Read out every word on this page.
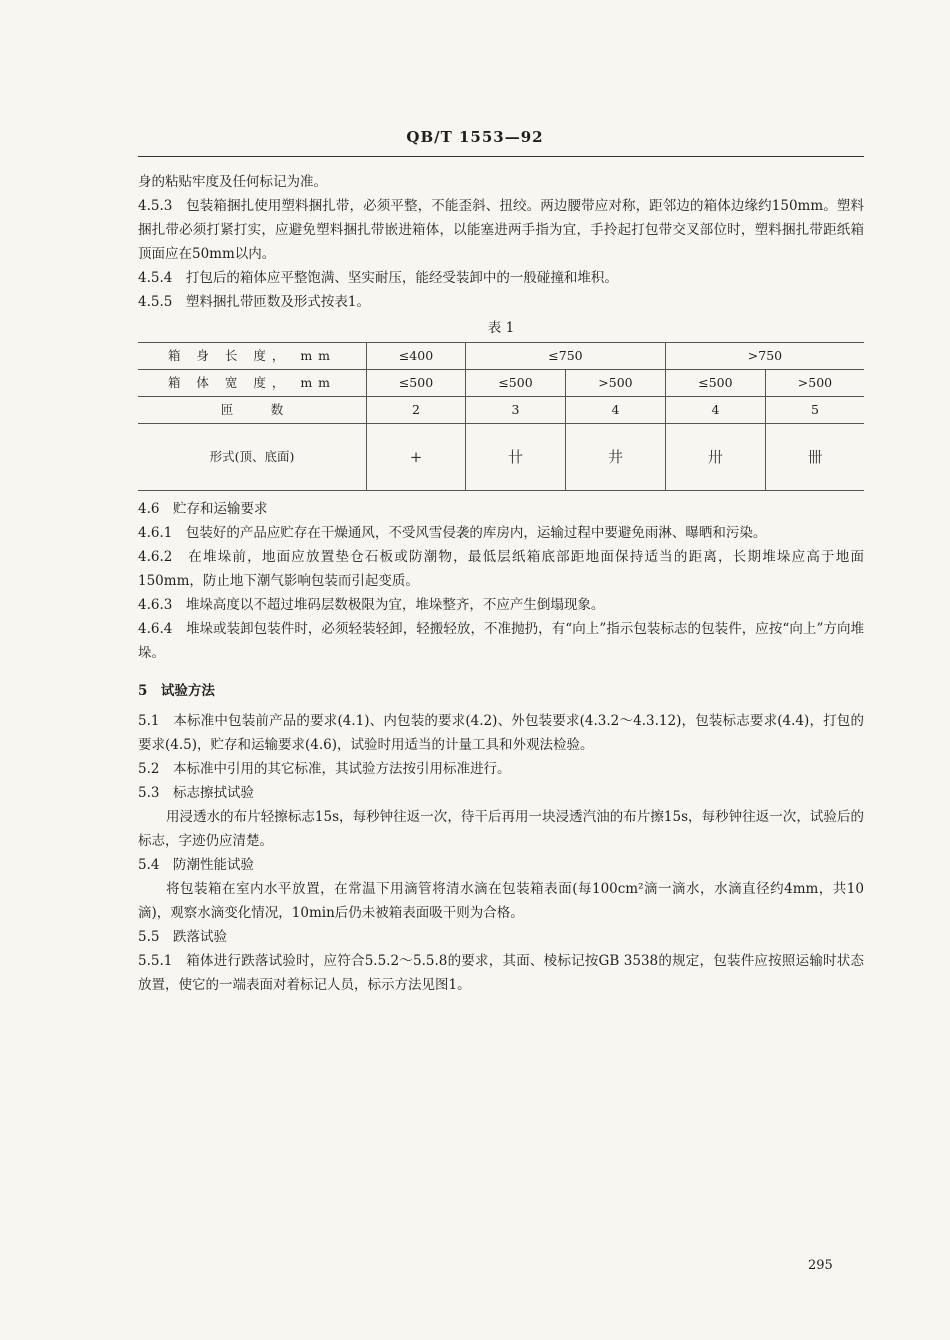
QB/T 1553—92

身的粘贴牢度及任何标记为准。

4.5.3　包装箱捆扎使用塑料捆扎带，必须平整，不能歪斜、扭绞。两边腰带应对称，距邻边的箱体边缘约150mm。塑料捆扎带必须打紧打实，应避免塑料捆扎带嵌进箱体，以能塞进两手指为宜，手拎起打包带交叉部位时，塑料捆扎带距纸箱顶面应在50mm以内。

4.5.4　打包后的箱体应平整饱满、坚实耐压，能经受装卸中的一般碰撞和堆积。

4.5.5　塑料捆扎带匝数及形式按表1。

表 1

箱 身 长 度， mm	≤400	≤750		>750	
箱 体 宽 度， mm	≤500	≤500	>500	≤500	>500
匝　　　数	2	3	4	4	5
形式(顶、底面)	+	卄	井	卅	卌

4.6　贮存和运输要求

4.6.1　包装好的产品应贮存在干燥通风，不受风雪侵袭的库房内，运输过程中要避免雨淋、曝晒和污染。

4.6.2　在堆垛前，地面应放置垫仓石板或防潮物，最低层纸箱底部距地面保持适当的距离，长期堆垛应高于地面150mm，防止地下潮气影响包装而引起变质。

4.6.3　堆垛高度以不超过堆码层数极限为宜，堆垛整齐，不应产生倒塌现象。

4.6.4　堆垛或装卸包装件时，必须轻装轻卸，轻搬轻放，不准抛扔，有“向上”指示包装标志的包装件，应按“向上”方向堆垛。

5　试验方法

5.1　本标准中包装前产品的要求(4.1)、内包装的要求(4.2)、外包装要求(4.3.2～4.3.12)，包装标志要求(4.4)，打包的要求(4.5)，贮存和运输要求(4.6)，试验时用适当的计量工具和外观法检验。

5.2　本标准中引用的其它标准，其试验方法按引用标准进行。

5.3　标志擦拭试验

用浸透水的布片轻擦标志15s，每秒钟往返一次，待干后再用一块浸透汽油的布片擦15s，每秒钟往返一次，试验后的标志，字迹仍应清楚。

5.4　防潮性能试验

将包装箱在室内水平放置，在常温下用滴管将清水滴在包装箱表面(每100cm²滴一滴水，水滴直径约4mm，共10滴)，观察水滴变化情况，10min后仍未被箱表面吸干则为合格。

5.5　跌落试验

5.5.1　箱体进行跌落试验时，应符合5.5.2～5.5.8的要求，其面、棱标记按GB 3538的规定，包装件应按照运输时状态放置，使它的一端表面对着标记人员，标示方法见图1。

295
